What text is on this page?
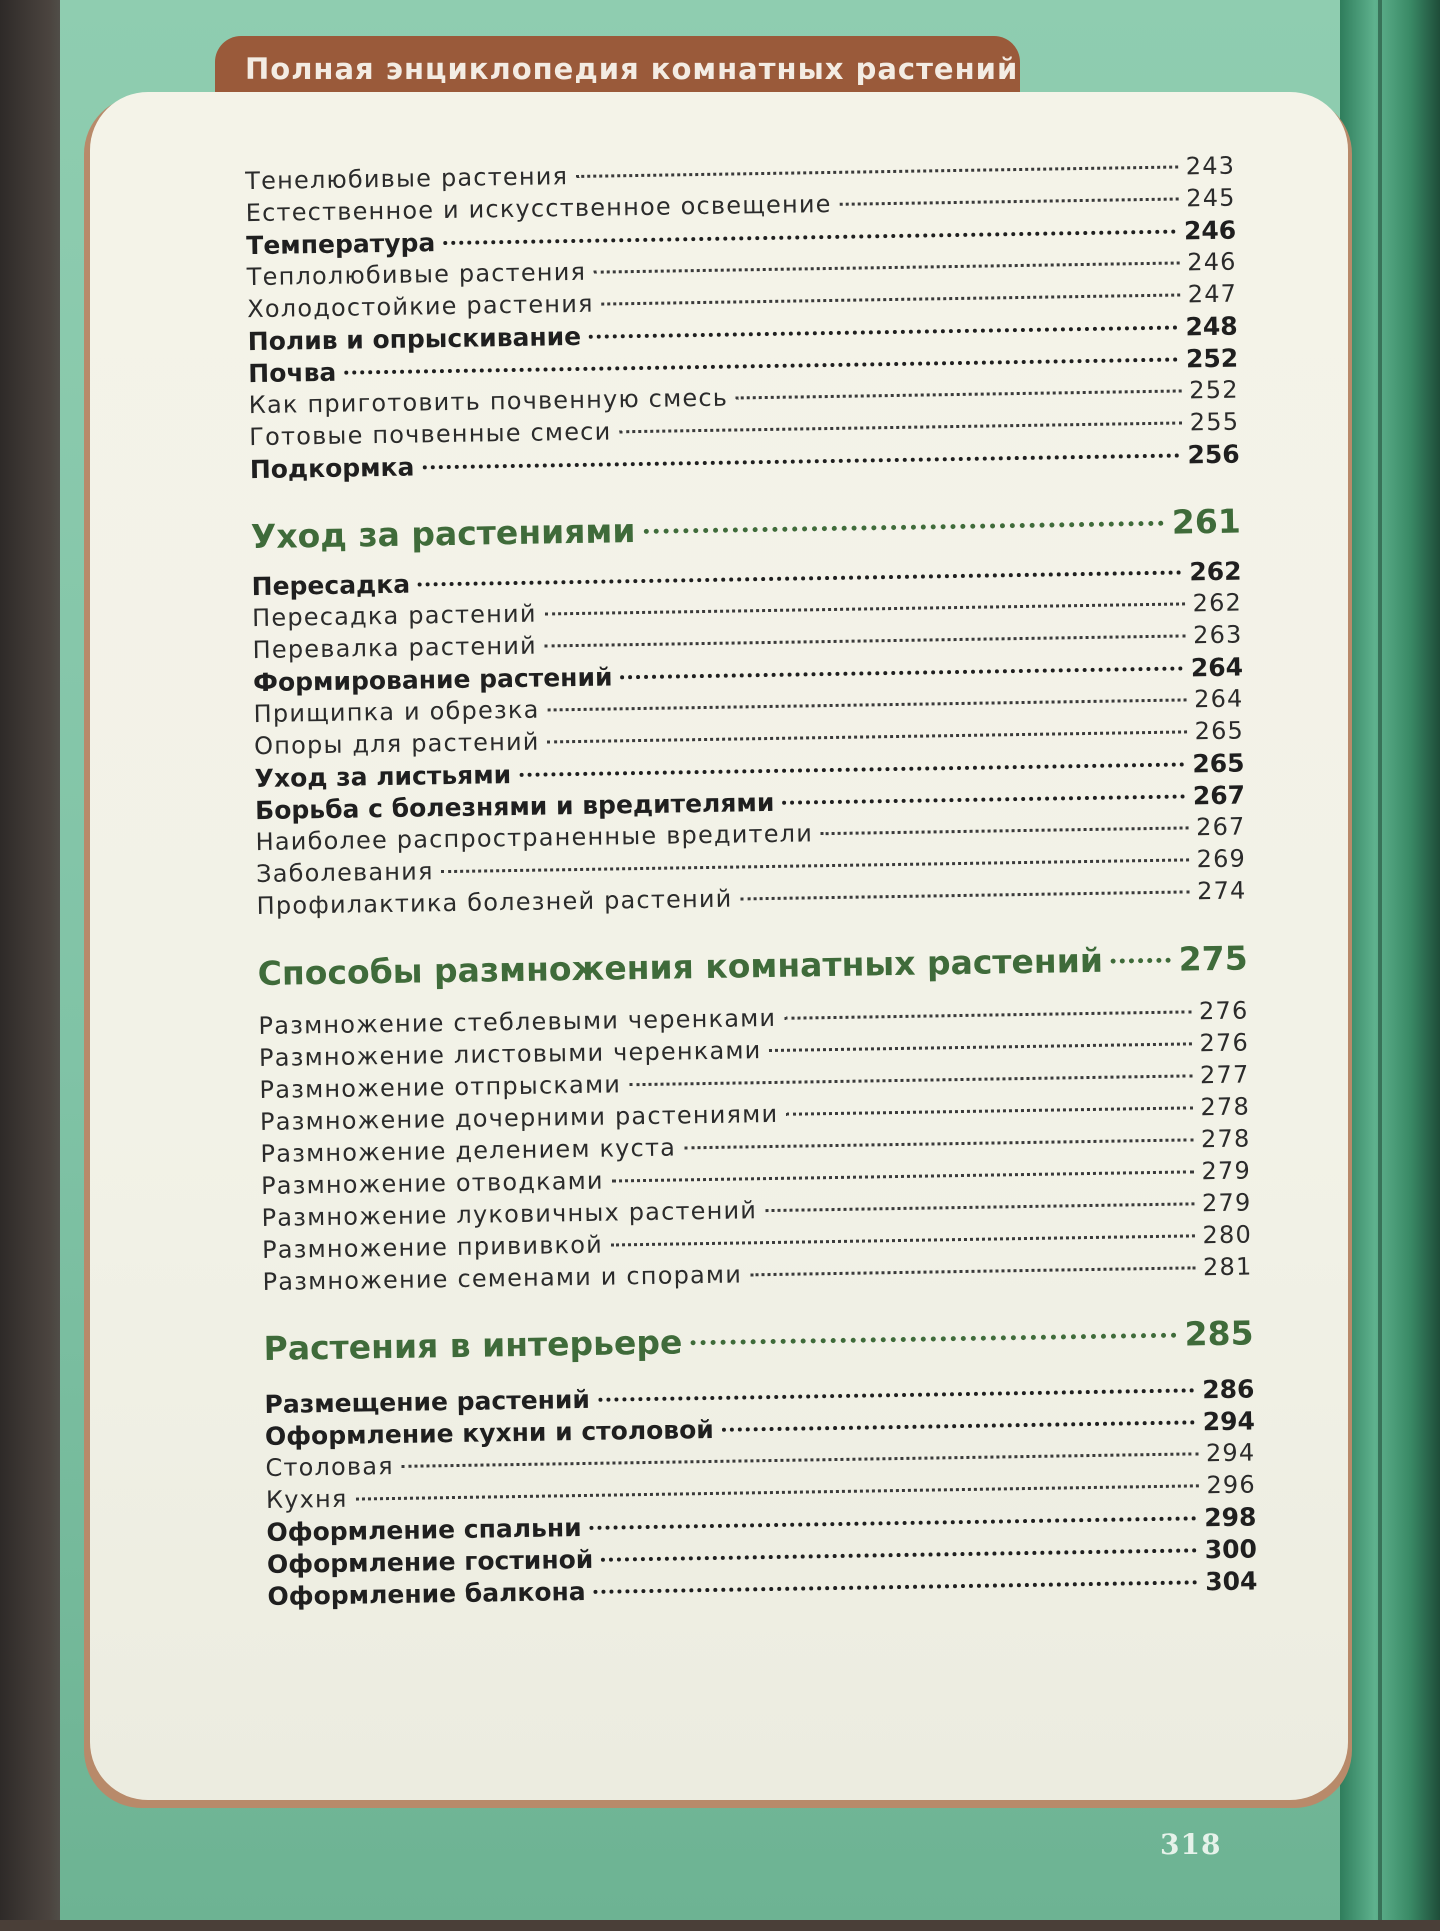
Полная энциклопедия комнатных растений
Тенелюбивые растения	243
Естественное и искусственное освещение	245
Температура	246
Теплолюбивые растения	246
Холодостойкие растения	247
Полив и опрыскивание	248
Почва	252
Как приготовить почвенную смесь	252
Готовые почвенные смеси	255
Подкормка	256
Уход за растениями	261
Пересадка	262
Пересадка растений	262
Перевалка растений	263
Формирование растений	264
Прищипка и обрезка	264
Опоры для растений	265
Уход за листьями	265
Борьба с болезнями и вредителями	267
Наиболее распространенные вредители	267
Заболевания	269
Профилактика болезней растений	274
Способы размножения комнатных растений 275
Размножение стеблевыми черенками	276
Размножение листовыми черенками	276
Размножение отпрысками	277
Размножение дочерними растениями	278
Размножение делением куста	278
Размножение отводками	279
Размножение луковичных растений	279
Размножение прививкой	280
Размножение семенами и спорами	281
Растения в интерьере	285
Размещение растений	286
Оформление кухни и столовой	294
Столовая	294
Кухня	296
Оформление спальни	298
Оформление гостиной	300
Оформление балкона	304
318
